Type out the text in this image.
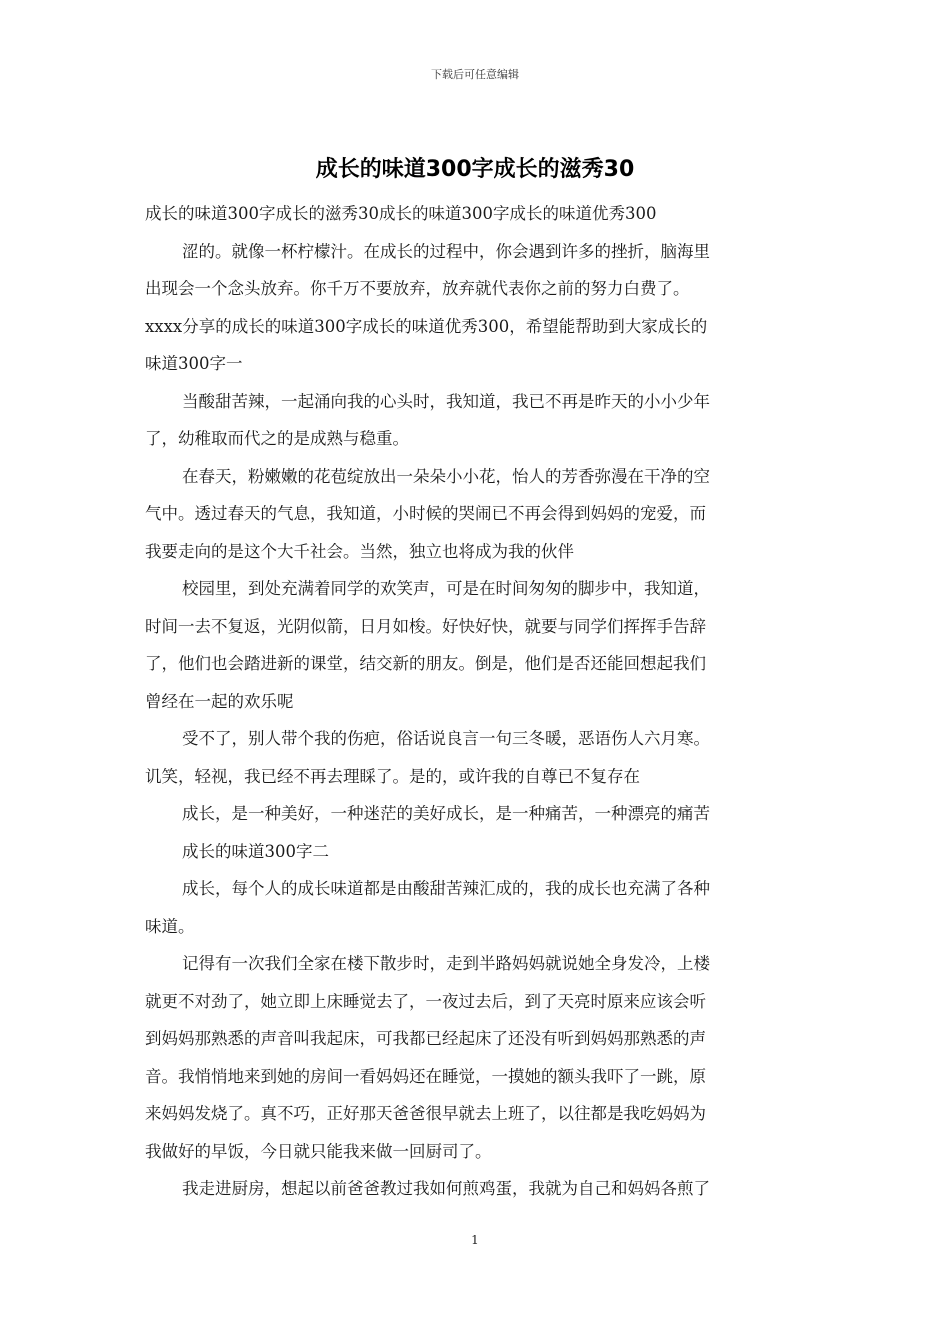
下载后可任意编辑
成长的味道300字成长的滋秀30

成长的味道300字成长的滋秀30成长的味道300字成长的味道优秀300

涩的。就像一杯柠檬汁。在成长的过程中，你会遇到许多的挫折，脑海里
出现会一个念头放弃。你千万不要放弃，放弃就代表你之前的努力白费了。
xxxx分享的成长的味道300字成长的味道优秀300，希望能帮助到大家成长的
味道300字一

当酸甜苦辣，一起涌向我的心头时，我知道，我已不再是昨天的小小少年
了，幼稚取而代之的是成熟与稳重。

在春天，粉嫩嫩的花苞绽放出一朵朵小小花，怡人的芳香弥漫在干净的空
气中。透过春天的气息，我知道，小时候的哭闹已不再会得到妈妈的宠爱，而
我要走向的是这个大千社会。当然，独立也将成为我的伙伴

校园里，到处充满着同学的欢笑声，可是在时间匆匆的脚步中，我知道，
时间一去不复返，光阴似箭，日月如梭。好快好快，就要与同学们挥挥手告辞
了，他们也会踏进新的课堂，结交新的朋友。倒是，他们是否还能回想起我们
曾经在一起的欢乐呢

受不了，别人带个我的伤疤，俗话说良言一句三冬暖，恶语伤人六月寒。
讥笑，轻视，我已经不再去理睬了。是的，或许我的自尊已不复存在

成长，是一种美好，一种迷茫的美好成长，是一种痛苦，一种漂亮的痛苦

成长的味道300字二

成长，每个人的成长味道都是由酸甜苦辣汇成的，我的成长也充满了各种
味道。

记得有一次我们全家在楼下散步时，走到半路妈妈就说她全身发冷，上楼
就更不对劲了，她立即上床睡觉去了，一夜过去后，到了天亮时原来应该会听
到妈妈那熟悉的声音叫我起床，可我都已经起床了还没有听到妈妈那熟悉的声
音。我悄悄地来到她的房间一看妈妈还在睡觉，一摸她的额头我吓了一跳，原
来妈妈发烧了。真不巧，正好那天爸爸很早就去上班了，以往都是我吃妈妈为
我做好的早饭，今日就只能我来做一回厨司了。

我走进厨房，想起以前爸爸教过我如何煎鸡蛋，我就为自己和妈妈各煎了

1
